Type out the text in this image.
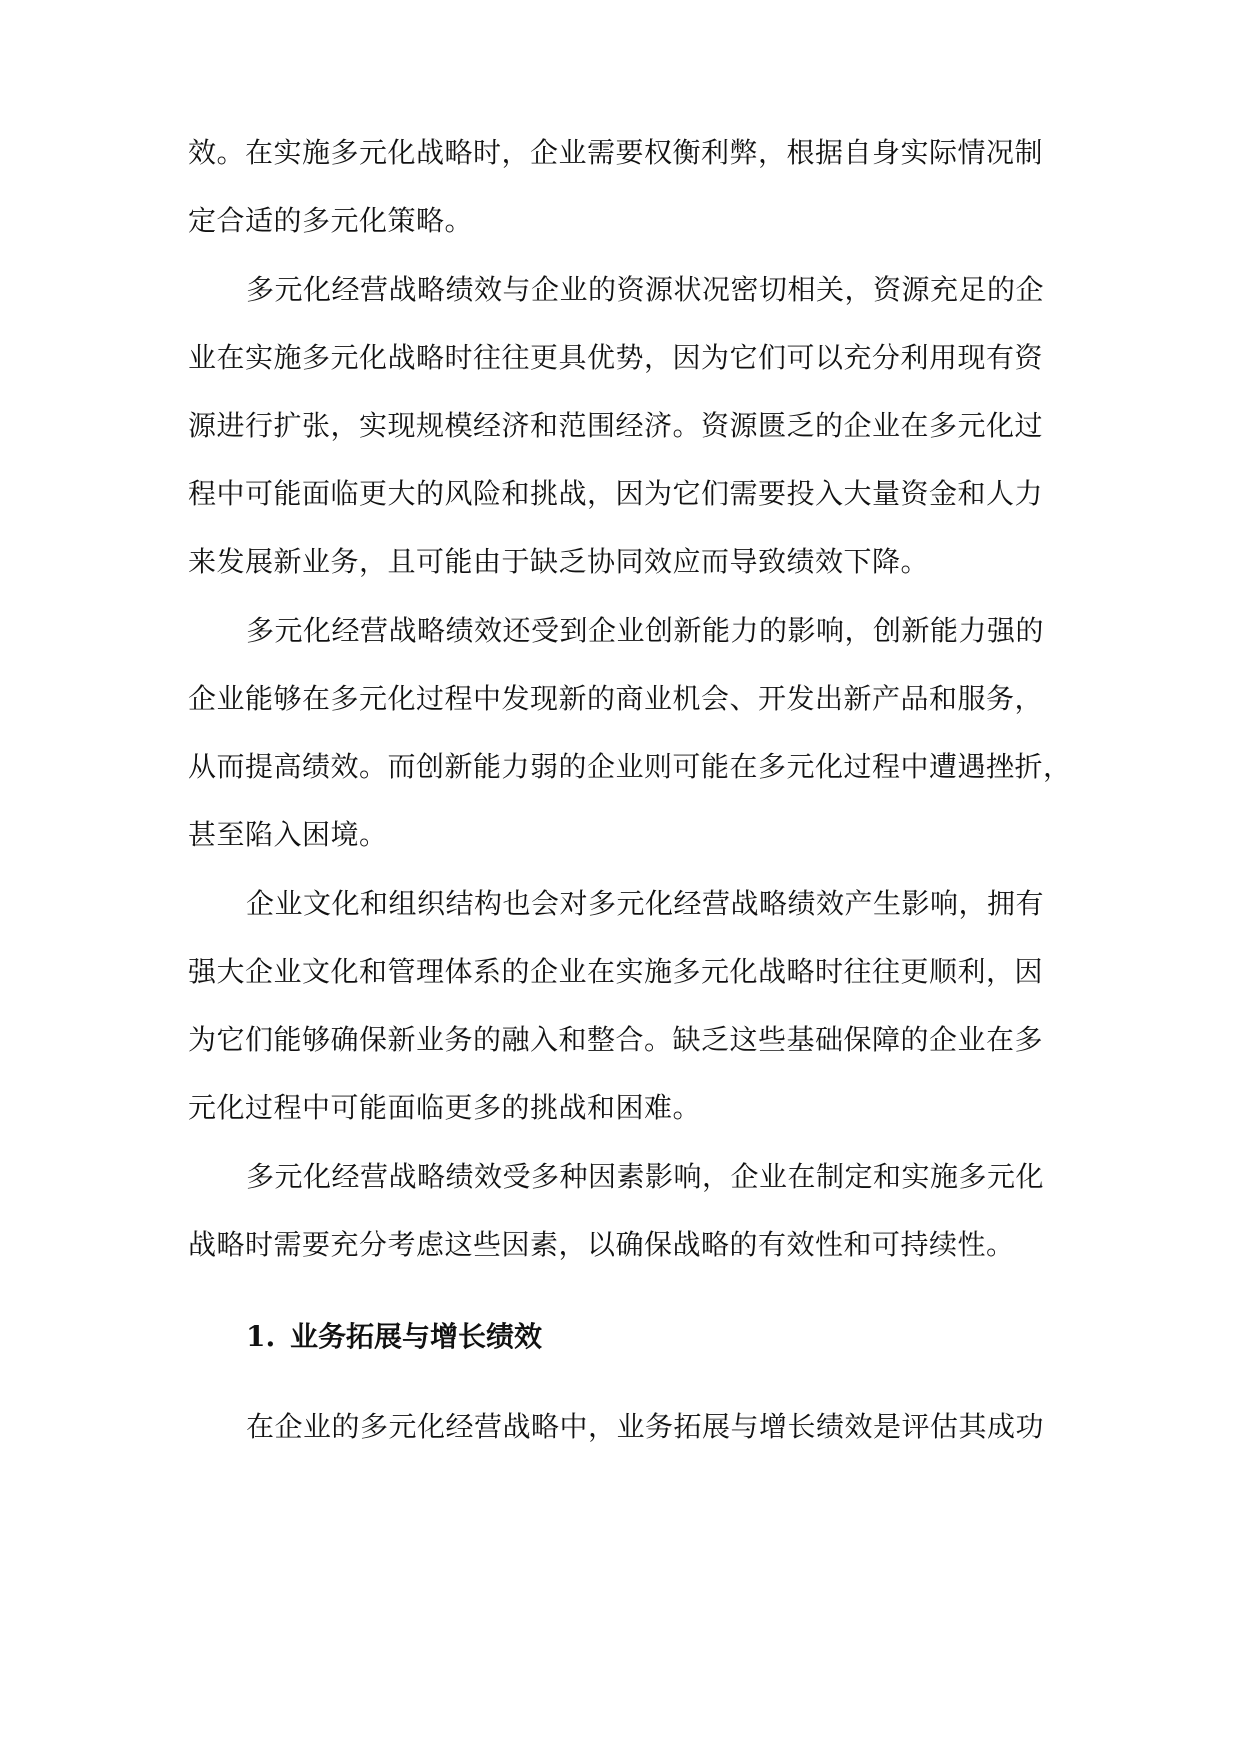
效。在实施多元化战略时，企业需要权衡利弊，根据自身实际情况制
定合适的多元化策略。
多元化经营战略绩效与企业的资源状况密切相关，资源充足的企
业在实施多元化战略时往往更具优势，因为它们可以充分利用现有资
源进行扩张，实现规模经济和范围经济。资源匮乏的企业在多元化过
程中可能面临更大的风险和挑战，因为它们需要投入大量资金和人力
来发展新业务，且可能由于缺乏协同效应而导致绩效下降。
多元化经营战略绩效还受到企业创新能力的影响，创新能力强的
企业能够在多元化过程中发现新的商业机会、开发出新产品和服务，
从而提高绩效。而创新能力弱的企业则可能在多元化过程中遭遇挫折，
甚至陷入困境。
企业文化和组织结构也会对多元化经营战略绩效产生影响，拥有
强大企业文化和管理体系的企业在实施多元化战略时往往更顺利，因
为它们能够确保新业务的融入和整合。缺乏这些基础保障的企业在多
元化过程中可能面临更多的挑战和困难。
多元化经营战略绩效受多种因素影响，企业在制定和实施多元化
战略时需要充分考虑这些因素，以确保战略的有效性和可持续性。
1. 业务拓展与增长绩效
在企业的多元化经营战略中，业务拓展与增长绩效是评估其成功
